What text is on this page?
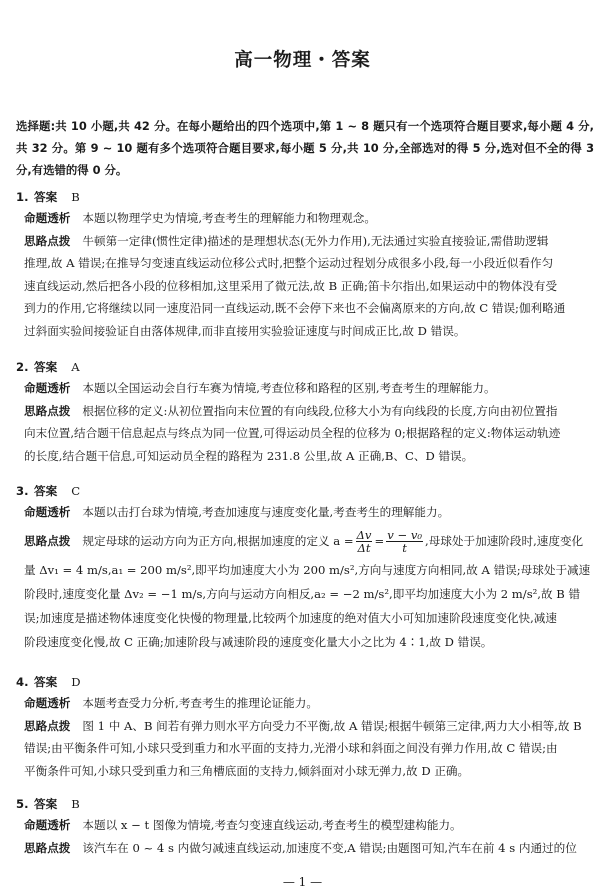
高一物理・答案
选择题:共 10 小题,共 42 分。在每小题给出的四个选项中,第 1 ~ 8 题只有一个选项符合题目要求,每小题 4 分,共 32 分。第 9 ~ 10 题有多个选项符合题目要求,每小题 5 分,共 10 分,全部选对的得 5 分,选对但不全的得 3 分,有选错的得 0 分。
1. 答案 B
命题透析 本题以物理学史为情境,考查考生的理解能力和物理观念。
思路点拨 牛顿第一定律(惯性定律)描述的是理想状态(无外力作用),无法通过实验直接验证,需借助逻辑
推理,故 A 错误;在推导匀变速直线运动位移公式时,把整个运动过程划分成很多小段,每一小段近似看作匀
速直线运动,然后把各小段的位移相加,这里采用了微元法,故 B 正确;笛卡尔指出,如果运动中的物体没有受
到力的作用,它将继续以同一速度沿同一直线运动,既不会停下来也不会偏离原来的方向,故 C 错误;伽利略通
过斜面实验间接验证自由落体规律,而非直接用实验验证速度与时间成正比,故 D 错误。
2. 答案 A
命题透析 本题以全国运动会自行车赛为情境,考查位移和路程的区别,考查考生的理解能力。
思路点拨 根据位移的定义:从初位置指向末位置的有向线段,位移大小为有向线段的长度,方向由初位置指
向末位置,结合题干信息起点与终点为同一位置,可得运动员全程的位移为 0;根据路程的定义:物体运动轨迹
的长度,结合题干信息,可知运动员全程的路程为 231.8 公里,故 A 正确,B、C、D 错误。
3. 答案 C
命题透析 本题以击打台球为情境,考查加速度与速度变化量,考查考生的理解能力。
思路点拨 规定母球的运动方向为正方向,根据加速度的定义 $a = \frac{\Delta v}{\Delta t} = \frac{\text{v − v₀}}{t}$ ,母球处于加速阶段时,速度变化
量 Δv₁ = 4 m/s,a₁ = 200 m/s²,即平均加速度大小为 200 m/s²,方向与速度方向相同,故 A 错误;母球处于减速
阶段时,速度变化量 Δv₂ = −1 m/s,方向与运动方向相反,a₂ = −2 m/s²,即平均加速度大小为 2 m/s²,故 B 错
误;加速度是描述物体速度变化快慢的物理量,比较两个加速度的绝对值大小可知加速阶段速度变化快,减速
阶段速度变化慢,故 C 正确;加速阶段与减速阶段的速度变化量大小之比为 4∶1,故 D 错误。
4. 答案 D
命题透析 本题考查受力分析,考查考生的推理论证能力。
思路点拨 图 1 中 A、B 间若有弹力则水平方向受力不平衡,故 A 错误;根据牛顿第三定律,两力大小相等,故 B
错误;由平衡条件可知,小球只受到重力和水平面的支持力,光滑小球和斜面之间没有弹力作用,故 C 错误;由
平衡条件可知,小球只受到重力和三角槽底面的支持力,倾斜面对小球无弹力,故 D 正确。
5. 答案 B
命题透析 本题以 x − t 图像为情境,考查匀变速直线运动,考查考生的模型建构能力。
思路点拨 该汽车在 0 ~ 4 s 内做匀减速直线运动,加速度不变,A 错误;由题图可知,汽车在前 4 s 内通过的位
— 1 —
